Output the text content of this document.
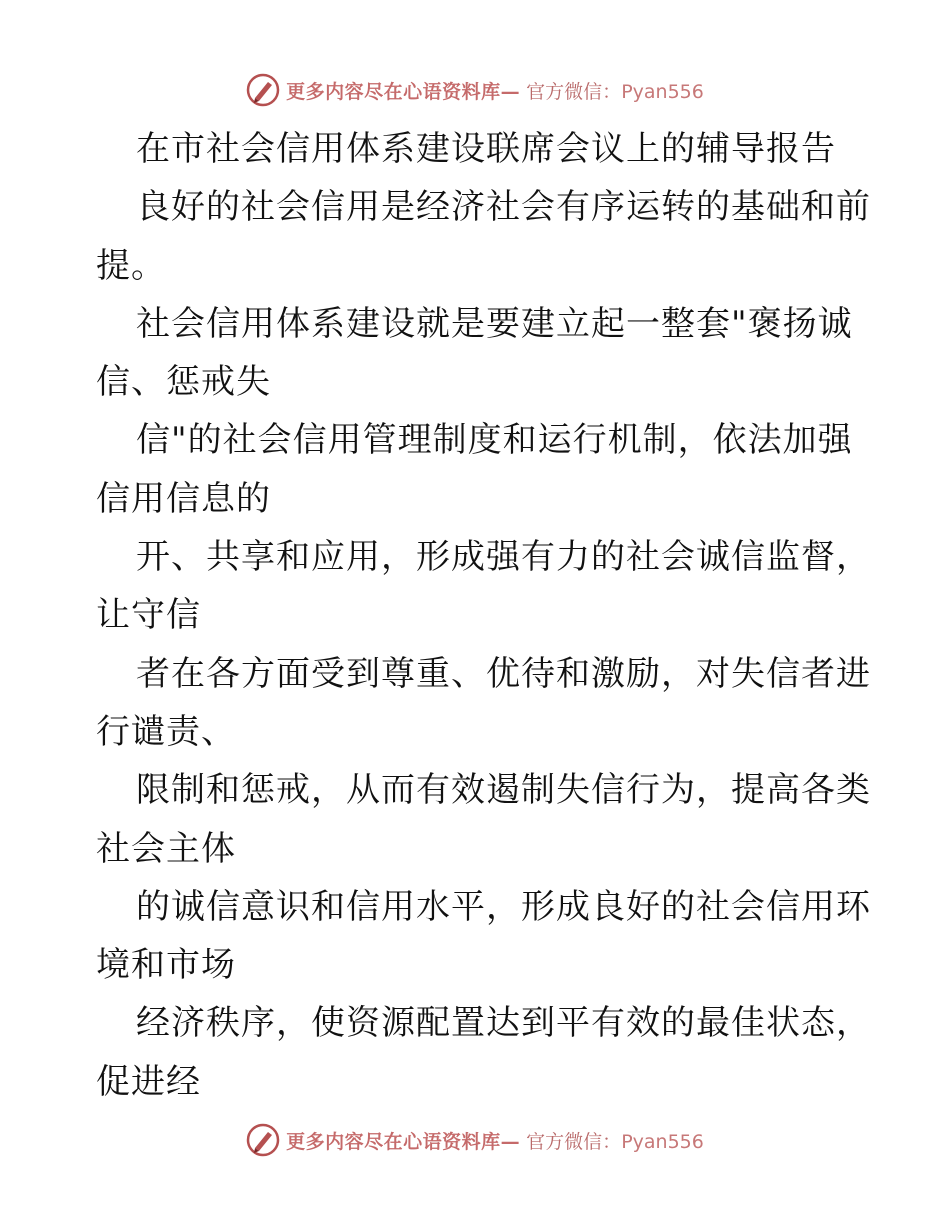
更多内容尽在心语资料库— 官方微信：Pyan556
在市社会信用体系建设联席会议上的辅导报告
良好的社会信用是经济社会有序运转的基础和前
提。
社会信用体系建设就是要建立起一整套"褒扬诚
信、惩戒失
信"的社会信用管理制度和运行机制，依法加强
信用信息的
开、共享和应用，形成强有力的社会诚信监督，
让守信
者在各方面受到尊重、优待和激励，对失信者进
行谴责、
限制和惩戒，从而有效遏制失信行为，提高各类
社会主体
的诚信意识和信用水平，形成良好的社会信用环
境和市场
经济秩序，使资源配置达到平有效的最佳状态，
促进经
更多内容尽在心语资料库— 官方微信：Pyan556
